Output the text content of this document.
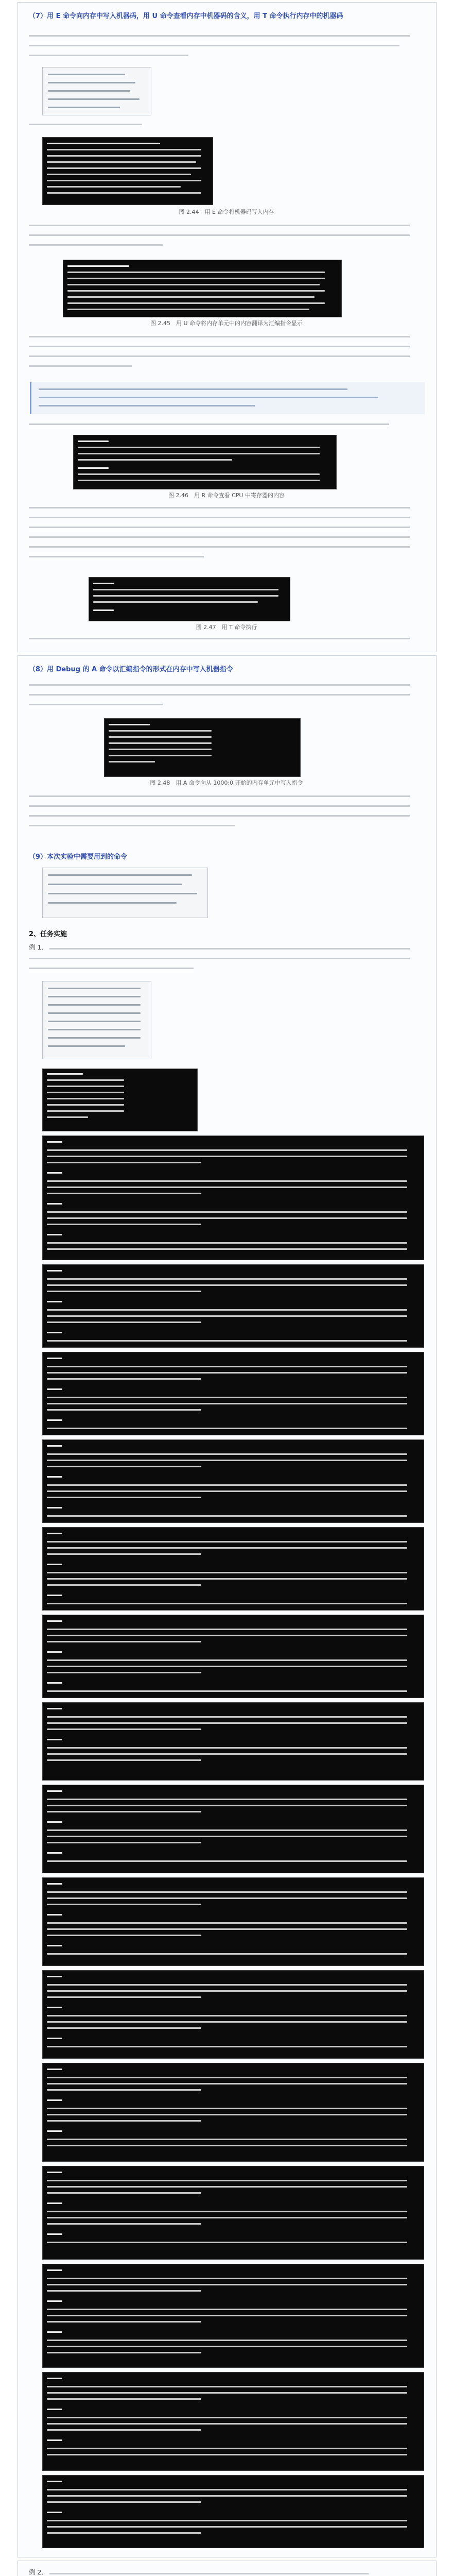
（7）用 E 命令向内存中写入机器码，用 U 命令查看内存中机器码的含义，用 T 命令执行内存中的机器码
图 2.44　用 E 命令将机器码写入内存
图 2.45　用 U 命令将内存单元中的内容翻译为汇编指令显示
图 2.46　用 R 命令查看 CPU 中寄存器的内容
图 2.47　用 T 命令执行
（8）用 Debug 的 A 命令以汇编指令的形式在内存中写入机器指令
图 2.48　用 A 命令向从 1000:0 开始的内存单元中写入指令
（9）本次实验中需要用到的命令
2、任务实施
例 1、
例 2、
